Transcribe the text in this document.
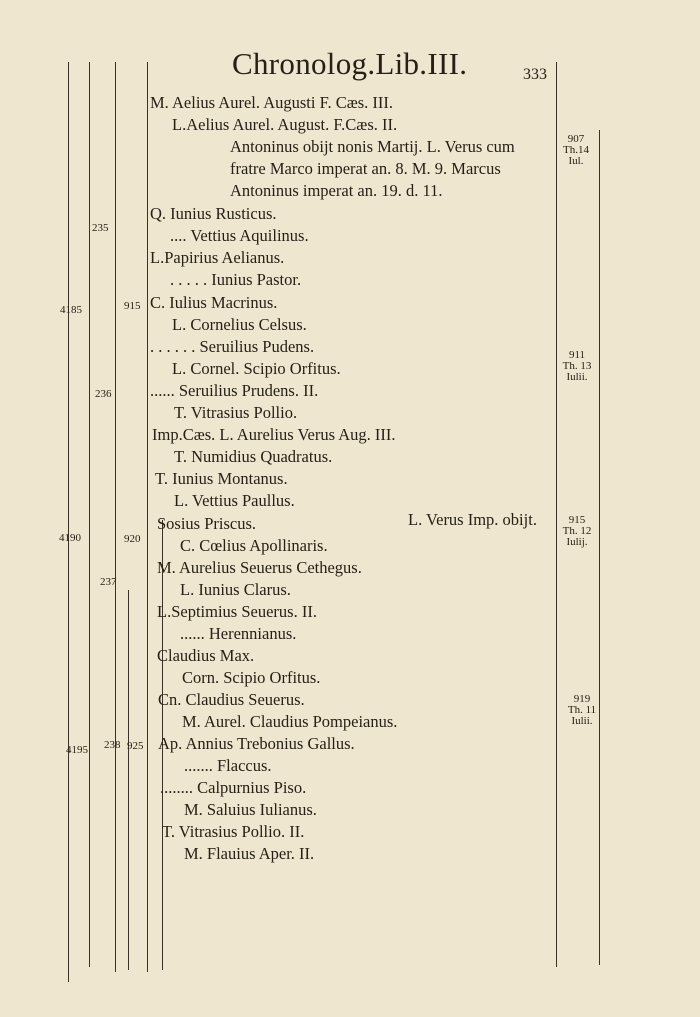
Chronolog.Lib.III.	333
M. Aelius Aurel. Augusti F. Cæs. III.
L.Aelius Aurel. August. F.Cæs. II.
Antoninus obijt nonis Martij. L. Verus cum
fratre Marco imperat an. 8. M. 9. Marcus
Antoninus imperat an. 19. d. 11.
Q. Iunius Rusticus.
.... Vettius Aquilinus.
L.Papirius Aelianus.
. . . . . Iunius Pastor.
C. Iulius Macrinus.
L. Cornelius Celsus.
. . . . . . Seruilius Pudens.
L. Cornel. Scipio Orfitus.
...... Seruilius Prudens. II.
T. Vitrasius Pollio.
Imp.Cæs. L. Aurelius Verus Aug. III.
T. Numidius Quadratus.
T. Iunius Montanus.
L. Vettius Paullus.
Sosius Priscus.
C. Cœlius Apollinaris.
M. Aurelius Seuerus Cethegus.
L. Iunius Clarus.
L.Septimius Seuerus. II.
...... Herennianus.
Claudius Max.
Corn. Scipio Orfitus.
Cn. Claudius Seuerus.
M. Aurel. Claudius Pompeianus.
Ap. Annius Trebonius Gallus.
....... Flaccus.
........ Calpurnius Piso.
M. Saluius Iulianus.
T. Vitrasius Pollio. II.
M. Flauius Aper. II.
L. Verus Imp. obijt.
235
4185	915
236
4190	920
237
4195 238 925
907
Th.14
Iul.
911
Th. 13
Iulii.
915
Th. 12
Iulij.
919
Th. 11
Iulii.
